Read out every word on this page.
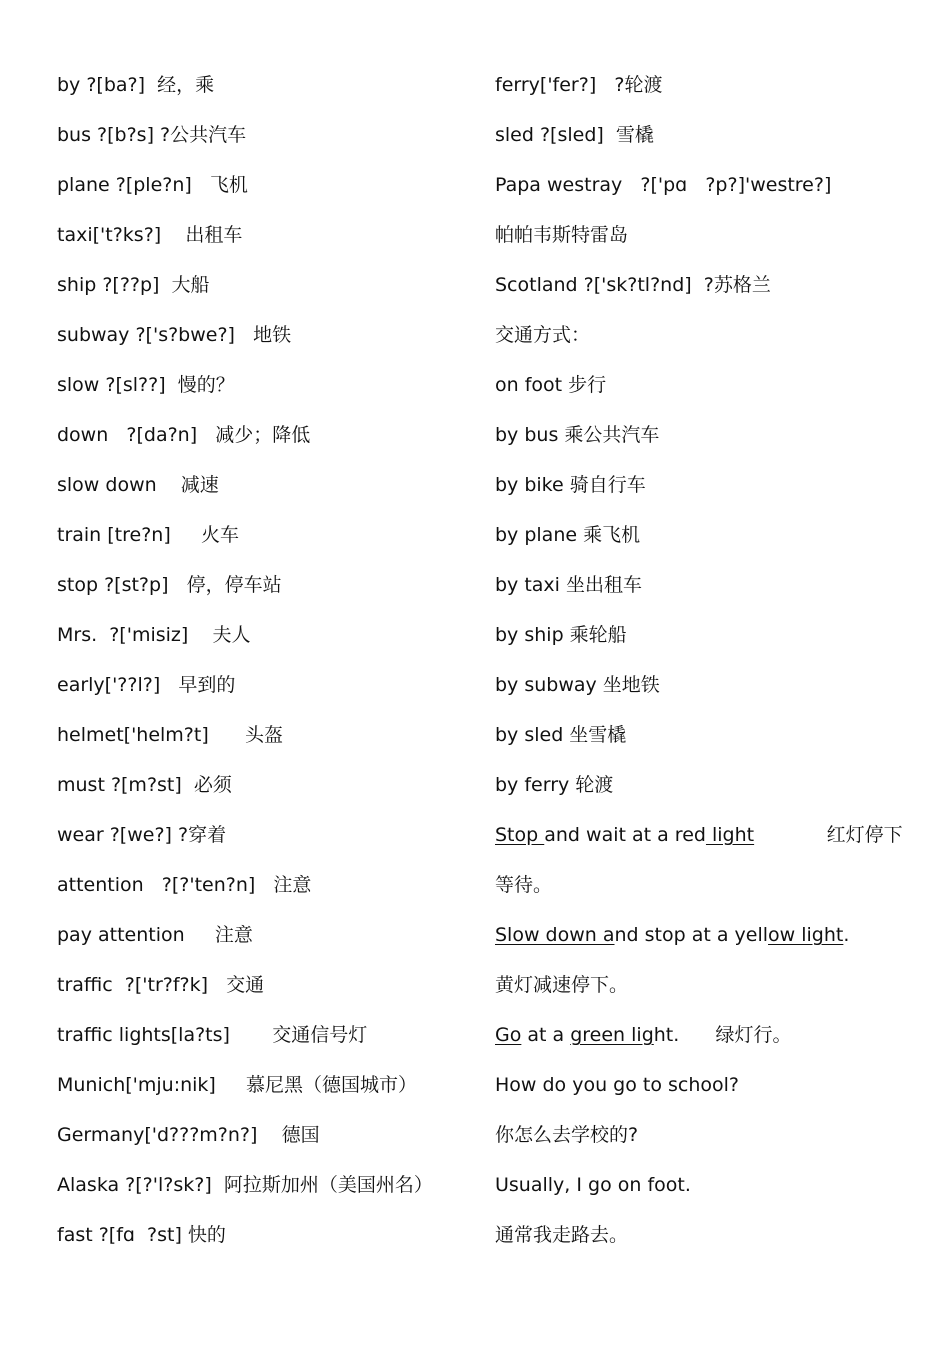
by ?[ba?]  经，乘
bus ?[b?s] ?公共汽车
plane ?[ple?n]   飞机
taxi['t?ks?]    出租车
ship ?[??p]  大船
subway ?['s?bwe?]   地铁
slow ?[sl??]  慢的？
down   ?[da?n]   减少；降低
slow down    减速
train [tre?n]     火车
stop ?[st?p]   停，停车站
Mrs.  ?['misiz]    夫人
early['??l?]   早到的
helmet['helm?t]      头盔
must ?[m?st]  必须
wear ?[we?] ?穿着
attention   ?[?'ten?n]   注意
pay attention     注意
traffic  ?['tr?f?k]   交通
traffic lights[la?ts]       交通信号灯
Munich['mju:nik]     慕尼黑（德国城市）
Germany['d???m?n?]    德国
Alaska ?[?'l?sk?]  阿拉斯加州（美国州名）
fast ?[fɑ  ?st] 快的
ferry['fer?]   ?轮渡
sled ?[sled]  雪橇
Papa westray   ?['pɑ   ?p?]'westre?]
帕帕韦斯特雷岛
Scotland ?['sk?tl?nd]  ?苏格兰
交通方式：
on foot 步行
by bus 乘公共汽车
by bike 骑自行车
by plane 乘飞机
by taxi 坐出租车
by ship 乘轮船
by subway 坐地铁
by sled 坐雪橇
by ferry 轮渡
Stop and wait at a red light            红灯停下
等待。
Slow down and stop at a yellow light.
黄灯减速停下。
Go at a green light.      绿灯行。
How do you go to school?
你怎么去学校的?
Usually, I go on foot.
通常我走路去。
